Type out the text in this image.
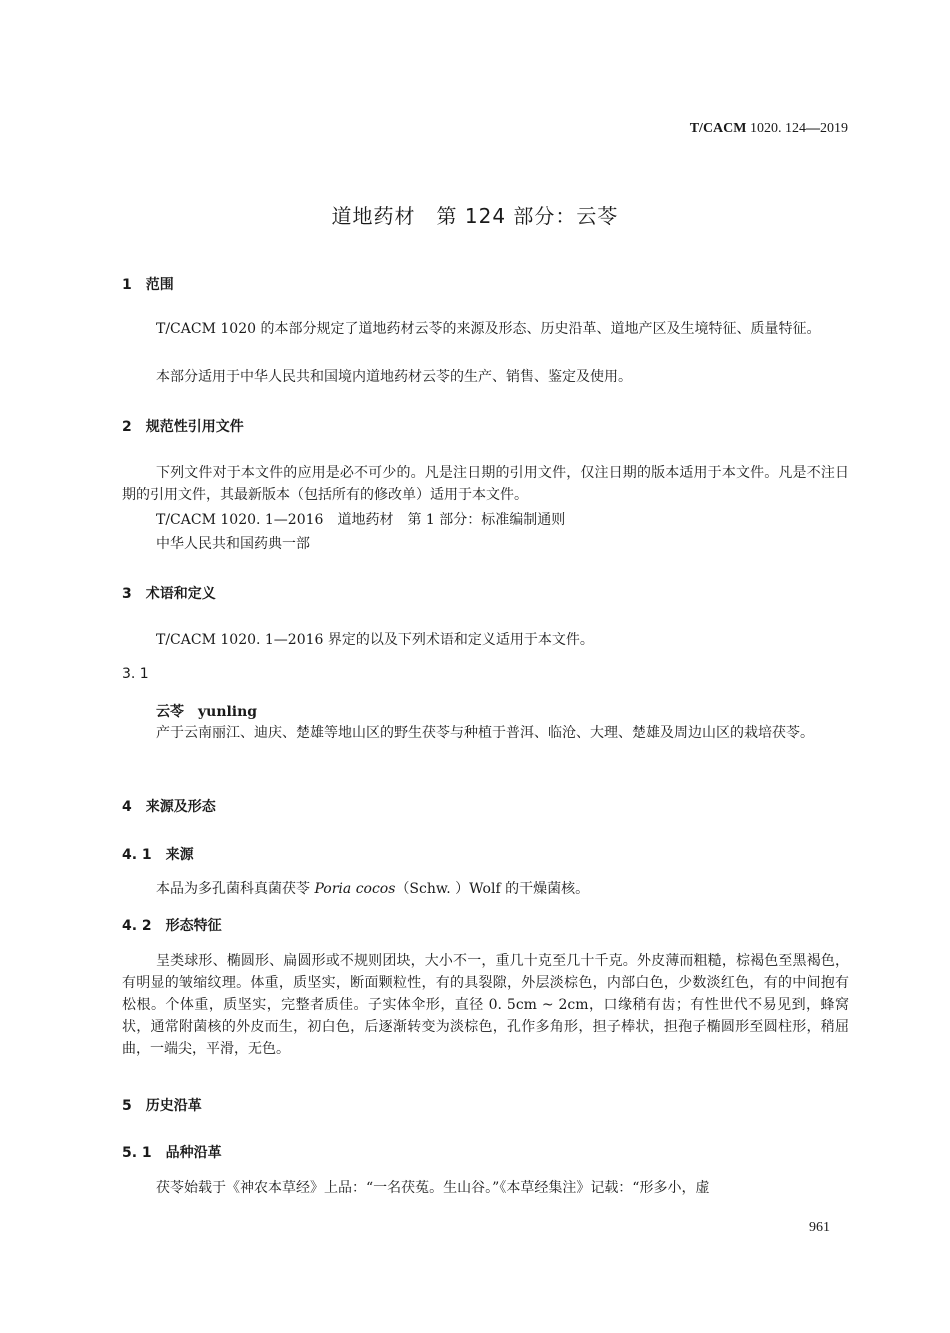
T/CACM 1020. 124—2019
道地药材　第 124 部分：云苓
1　范围
T/CACM 1020 的本部分规定了道地药材云苓的来源及形态、历史沿革、道地产区及生境特征、质量特征。
本部分适用于中华人民共和国境内道地药材云苓的生产、销售、鉴定及使用。
2　规范性引用文件
下列文件对于本文件的应用是必不可少的。凡是注日期的引用文件，仅注日期的版本适用于本文件。凡是不注日期的引用文件，其最新版本（包括所有的修改单）适用于本文件。
T/CACM 1020. 1—2016　道地药材　第 1 部分：标准编制通则
中华人民共和国药典一部
3　术语和定义
T/CACM 1020. 1—2016 界定的以及下列术语和定义适用于本文件。
3. 1
云苓　yunling
产于云南丽江、迪庆、楚雄等地山区的野生茯苓与种植于普洱、临沧、大理、楚雄及周边山区的栽培茯苓。
4　来源及形态
4. 1　来源
本品为多孔菌科真菌茯苓 Poria cocos（Schw. ）Wolf 的干燥菌核。
4. 2　形态特征
呈类球形、椭圆形、扁圆形或不规则团块，大小不一，重几十克至几十千克。外皮薄而粗糙，棕褐色至黑褐色，有明显的皱缩纹理。体重，质坚实，断面颗粒性，有的具裂隙，外层淡棕色，内部白色，少数淡红色，有的中间抱有松根。个体重，质坚实，完整者质佳。子实体伞形，直径 0. 5cm ~ 2cm，口缘稍有齿；有性世代不易见到，蜂窝状，通常附菌核的外皮而生，初白色，后逐渐转变为淡棕色，孔作多角形，担子棒状，担孢子椭圆形至圆柱形，稍屈曲，一端尖，平滑，无色。
5　历史沿革
5. 1　品种沿革
茯苓始载于《神农本草经》上品：“一名茯菟。生山谷。”《本草经集注》记载：“形多小，虚
961
